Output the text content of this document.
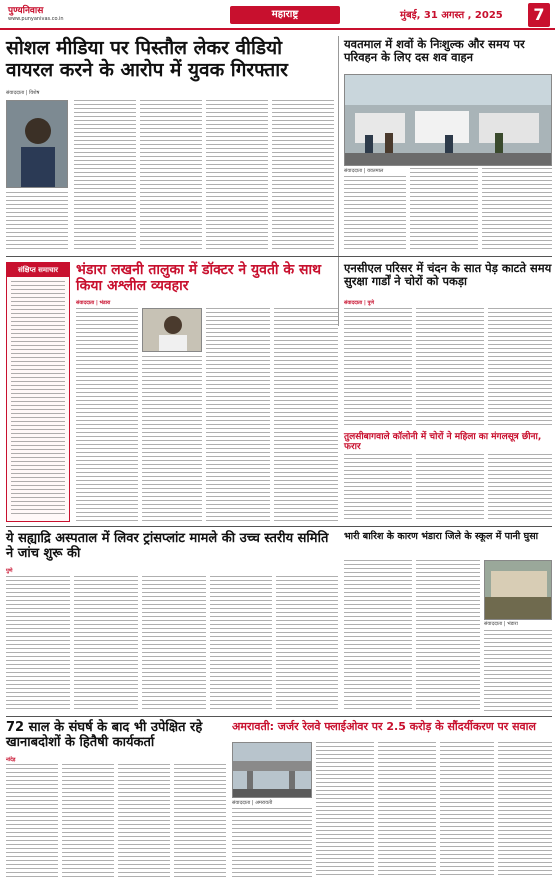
पुण्यनिवास
www.punyanivas.co.in	महाराष्ट्र	मुंबई, 31 अगस्त , 2025	7
सोशल मीडिया पर पिस्तौल लेकर वीडियो वायरल करने के आरोप में युवक गिरफ्तार
संवाददाता | विशेष
यवतमाल में शवों के निःशुल्क और समय पर परिवहन के लिए दस शव वाहन
संवाददाता | यवतमाल
संक्षिप्त समाचार	भंडारा लखनी तालुका में डॉक्टर ने युवती के साथ किया अश्लील व्यवहार
संवाददाता | भंडारा
एनसीएल परिसर में चंदन के सात पेड़ काटते समय सुरक्षा गार्डों ने चोरों को पकड़ा
संवाददाता | पुणे
तुलसीबागवाले कॉलोनी में चोरों ने महिला का मंगलसूत्र छीना, फरार
ये सह्याद्रि अस्पताल में लिवर ट्रांसप्लांट मामले की उच्च स्तरीय समिति ने जांच शुरू की
पुणे
भारी बारिश के कारण भंडारा जिले के स्कूल में पानी घुसा
संवाददाता | भंडारा
72 साल के संघर्ष के बाद भी उपेक्षित रहे खानाबदोशों के हितैषी कार्यकर्ता
नांदेड़
अमरावती: जर्जर रेलवे फ्लाईओवर पर 2.5 करोड़ के सौंदर्यीकरण पर सवाल
संवाददाता | अमरावती
